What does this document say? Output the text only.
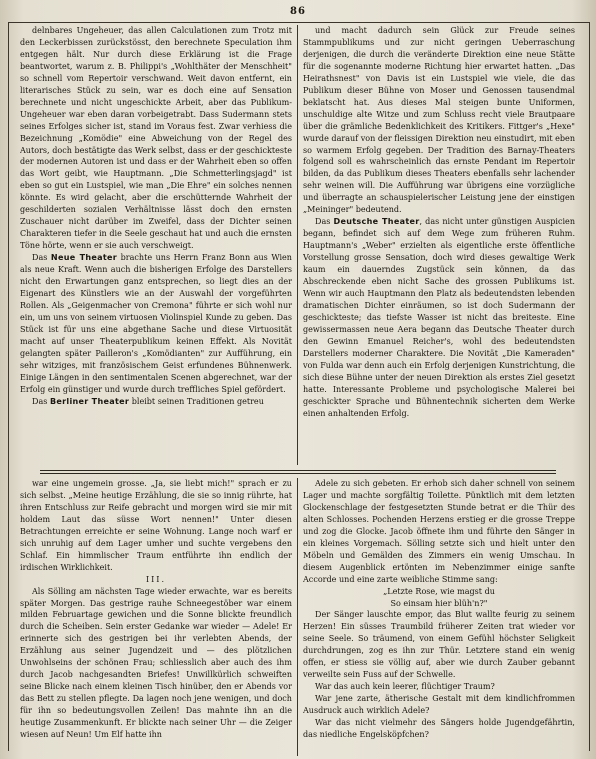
86

delnbares Ungeheuer, das allen Calculationen zum Trotz mit den Leckerbissen zurückstösst, den berechnete Speculation ihm entgegen hält. Nur durch diese Erklärung ist die Frage beantwortet, warum z. B. Philippi's „Wohlthäter der Menschheit" so schnell vom Repertoir verschwand. Weit davon entfernt, ein literarisches Stück zu sein, war es doch eine auf Sensation berechnete und nicht ungeschickte Arbeit, aber das Publikum-Ungeheuer war eben daran vorbeigetrabt. Dass Sudermann stets seines Erfolges sicher ist, stand im Voraus fest. Zwar verhiess die Bezeichnung „Komödie" eine Abweichung von der Regel des Autors, doch bestätigte das Werk selbst, dass er der geschickteste der modernen Autoren ist und dass er der Wahrheit eben so offen das Wort geibt, wie Hauptmann. „Die Schmetterlingsjagd" ist eben so gut ein Lustspiel, wie man „Die Ehre" ein solches nennen könnte. Es wird gelacht, aber die erschütternde Wahrheit der geschilderten sozialen Verhältnisse lässt doch den ernsten Zuschauer nicht darüber im Zweifel, dass der Dichter seinen Charakteren tiefer in die Seele geschaut hat und auch die ernsten Töne hörte, wenn er sie auch verschweigt.

Das Neue Theater brachte uns Herrn Franz Bonn aus Wien als neue Kraft. Wenn auch die bisherigen Erfolge des Darstellers nicht den Erwartungen ganz entsprechen, so liegt dies an der Eigenart des Künstlers wie an der Auswahl der vorgeführten Rollen. Als „Geigenmacher von Cremona" führte er sich wohl nur ein, um uns von seinem virtuosen Violinspiel Kunde zu geben. Das Stück ist für uns eine abgethane Sache und diese Virtuosität macht auf unser Theaterpublikum keinen Effekt. Als Novität gelangten später Pailleron's „Komödianten" zur Aufführung, ein sehr witziges, mit französischem Geist erfundenes Bühnenwerk. Einige Längen in den sentimentalen Scenen abgerechnet, war der Erfolg ein günstiger und wurde durch treffliches Spiel gefördert.

Das Berliner Theater bleibt seinen Traditionen getreu

und macht dadurch sein Glück zur Freude seines Stammpublikums und zur nicht geringen Ueberraschung derjenigen, die durch die veränderte Direktion eine neue Stätte für die sogenannte moderne Richtung hier erwartet hatten. „Das Heirathsnest" von Davis ist ein Lustspiel wie viele, die das Publikum dieser Bühne von Moser und Genossen tausendmal beklatscht hat. Aus dieses Mal steigen bunte Uniformen, unschuldige alte Witze und zum Schluss recht viele Brautpaare über die grämliche Bedenklichkeit des Kritikers. Fittger's „Hexe" wurde darauf von der fleissigen Direktion neu einstudirt, mit eben so warmem Erfolg gegeben. Der Tradition des Barnay-Theaters folgend soll es wahrscheinlich das ernste Pendant im Repertoir bilden, da das Publikum dieses Theaters ebenfalls sehr lachender sehr weinen will. Die Aufführung war übrigens eine vorzügliche und überragte an schauspielerischer Leistung jene der einstigen „Meininger" bedeutend.

Das Deutsche Theater, das nicht unter günstigen Auspicien begann, befindet sich auf dem Wege zum früheren Ruhm. Hauptmann's „Weber" erzielten als eigentliche erste öffentliche Vorstellung grosse Sensation, doch wird dieses gewaltige Werk kaum ein dauerndes Zugstück sein können, da das Abschreckende eben nicht Sache des grossen Publikums ist. Wenn wir auch Hauptmann den Platz als bedeutendsten lebenden dramatischen Dichter einräumen, so ist doch Sudermann der geschickteste; das tiefste Wasser ist nicht das breiteste. Eine gewissermassen neue Aera begann das Deutsche Theater durch den Gewinn Emanuel Reicher's, wohl des bedeutendsten Darstellers moderner Charaktere. Die Novität „Die Kameraden" von Fulda war denn auch ein Erfolg derjenigen Kunstrichtung, die sich diese Bühne unter der neuen Direktion als erstes Ziel gesetzt hatte. Interessante Probleme und psychologische Malerei bei geschickter Sprache und Bühnentechnik sicherten dem Werke einen anhaltenden Erfolg.

war eine ungemein grosse. „Ja, sie liebt mich!" sprach er zu sich selbst. „Meine heutige Erzählung, die sie so innig rührte, hat ihren Entschluss zur Reife gebracht und morgen wird sie mir mit holdem Laut das süsse Wort nennen!" Unter diesen Betrachtungen erreichte er seine Wohnung. Lange noch warf er sich unruhig auf dem Lager umher und suchte vergebens den Schlaf. Ein himmlischer Traum entführte ihn endlich der irdischen Wirklichkeit.

III.

Als Sölling am nächsten Tage wieder erwachte, war es bereits später Morgen. Das gestrige rauhe Schneegestöber war einem milden Februartage gewichen und die Sonne blickte freundlich durch die Scheiben. Sein erster Gedanke war wieder — Adele! Er erinnerte sich des gestrigen bei ihr verlebten Abends, der Erzählung aus seiner Jugendzeit und — des plötzlichen Unwohlseins der schönen Frau; schliesslich aber auch des ihm durch Jacob nachgesandten Briefes! Unwillkürlich schweiften seine Blicke nach einem kleinen Tisch hinüber, den er Abends vor das Bett zu stellen pflegte. Da lagen noch jene wenigen, und doch für ihn so bedeutungsvollen Zeilen! Das mahnte ihn an die heutige Zusammenkunft. Er blickte nach seiner Uhr — die Zeiger wiesen auf Neun! Um Elf hatte ihn

Adele zu sich gebeten. Er erhob sich daher schnell von seinem Lager und machte sorgfältig Toilette. Pünktlich mit dem letzten Glockenschlage der festgesetzten Stunde betrat er die Thür des alten Schlosses. Pochenden Herzens erstieg er die grosse Treppe und zog die Glocke. Jacob öffnete ihm und führte den Sänger in ein kleines Vorgemach. Sölling setzte sich und hielt unter den Möbeln und Gemälden des Zimmers ein wenig Umschau. In diesem Augenblick ertönten im Nebenzimmer einige sanfte Accorde und eine zarte weibliche Stimme sang:

„Letzte Rose, wie magst du

So einsam hier blüh'n?"

Der Sänger lauschte empor, das Blut wallte feurig zu seinem Herzen! Ein süsses Traumbild früherer Zeiten trat wieder vor seine Seele. So träumend, von einem Gefühl höchster Seligkeit durchdrungen, zog es ihn zur Thür. Letztere stand ein wenig offen, er stiess sie völlig auf, aber wie durch Zauber gebannt verweilte sein Fuss auf der Schwelle.

War das auch kein leerer, flüchtiger Traum?

War jene zarte, ätherische Gestalt mit dem kindlichfrommen Ausdruck auch wirklich Adele?

War das nicht vielmehr des Sängers holde Jugendgefährtin, das niedliche Engelsköpfchen?
